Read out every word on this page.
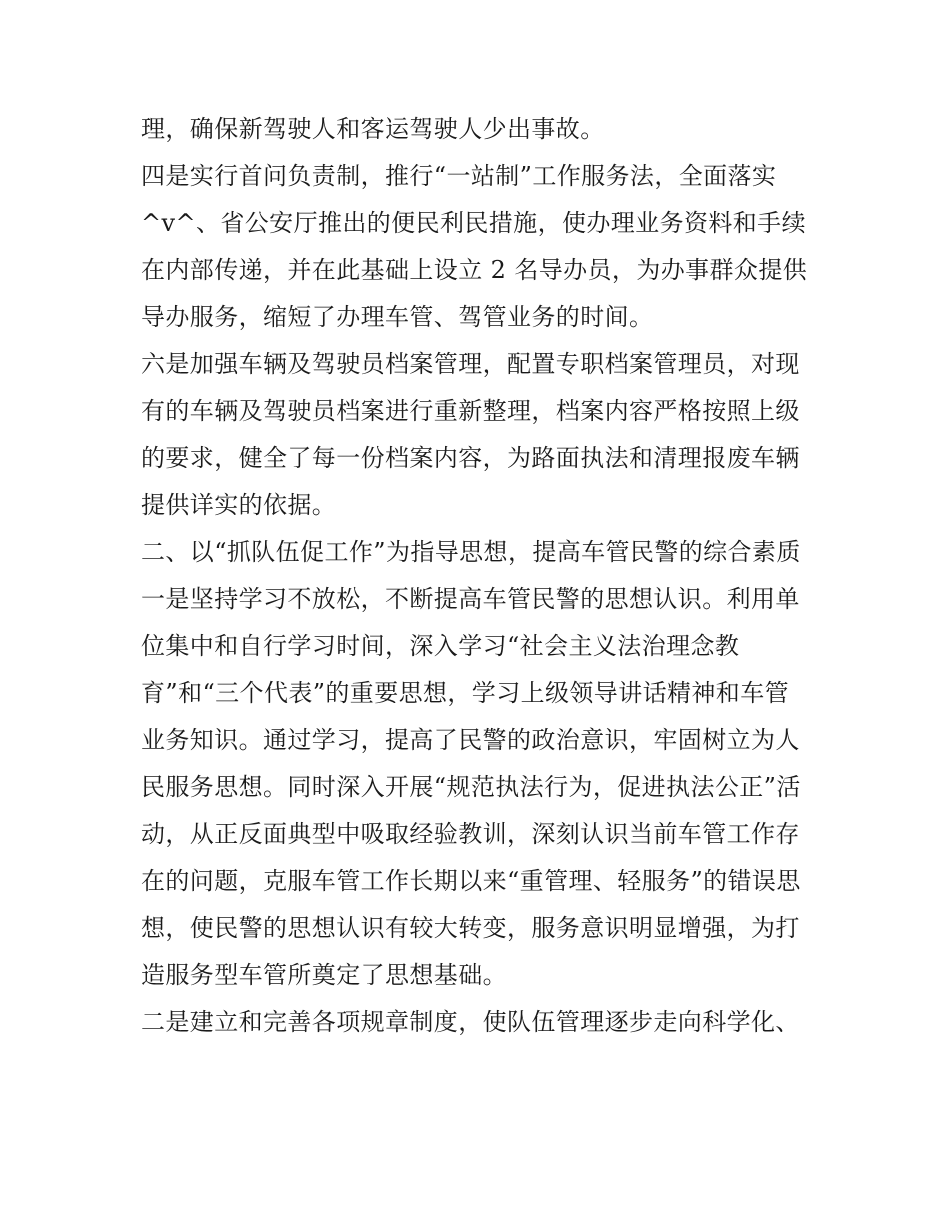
理，确保新驾驶人和客运驾驶人少出事故。
四是实行首问负责制，推行“一站制”工作服务法，全面落实
^v^、省公安厅推出的便民利民措施，使办理业务资料和手续
在内部传递，并在此基础上设立 2 名导办员，为办事群众提供
导办服务，缩短了办理车管、驾管业务的时间。
六是加强车辆及驾驶员档案管理，配置专职档案管理员，对现
有的车辆及驾驶员档案进行重新整理，档案内容严格按照上级
的要求，健全了每一份档案内容，为路面执法和清理报废车辆
提供详实的依据。
二、以“抓队伍促工作”为指导思想，提高车管民警的综合素质
一是坚持学习不放松，不断提高车管民警的思想认识。利用单
位集中和自行学习时间，深入学习“社会主义法治理念教
育”和“三个代表”的重要思想，学习上级领导讲话精神和车管
业务知识。通过学习，提高了民警的政治意识，牢固树立为人
民服务思想。同时深入开展“规范执法行为，促进执法公正”活
动，从正反面典型中吸取经验教训，深刻认识当前车管工作存
在的问题，克服车管工作长期以来“重管理、轻服务”的错误思
想，使民警的思想认识有较大转变，服务意识明显增强，为打
造服务型车管所奠定了思想基础。
二是建立和完善各项规章制度，使队伍管理逐步走向科学化、
